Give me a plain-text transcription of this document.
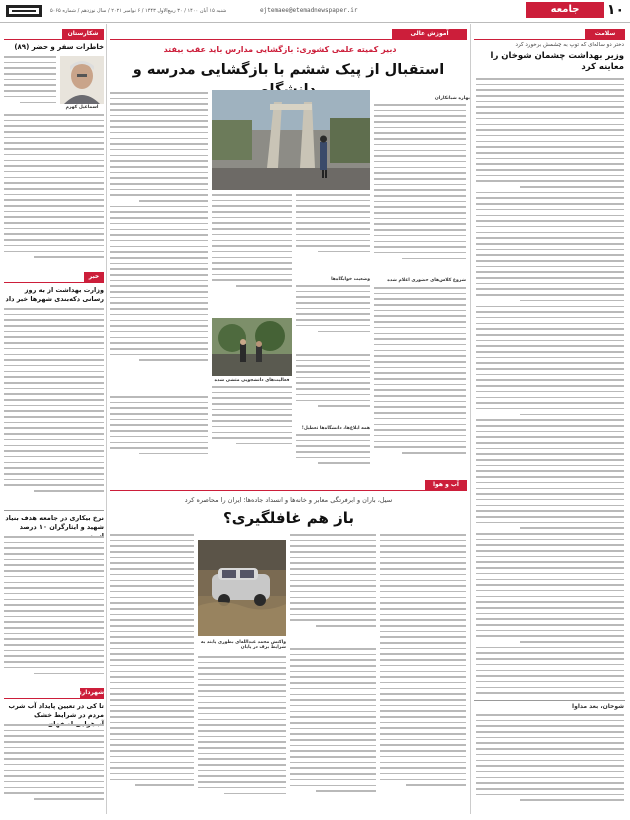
۱۰
جامعه
ejtemaee@etemadnewspaper.ir
شنبه ۱۵ آبان ۱۴۰۰ / ۳۰ ربیع‌الاول ۱۴۴۳ / ۶ نوامبر ۲۰۲۱ / سال نوزدهم / شماره ۵۰۶۵
سلامت
دختر دو ساله‌ای که توپ به چشمش برخورد کرد
وزیر بهداشت چشمان شوخان را معاینه کرد
شوخان، بعد مداوا
آموزش عالی
دبیر کمیته علمی کشوری: بازگشایی مدارس باید عقب بیفتد
استقبال از پیک ششم با بازگشایی مدرسه و
بهاره شبانکاران
وضعیت خوابگاه‌ها	شروع کلاس‌های حضوری اعلام شده
فعالیت‌های دانشجویی متشی شده
همه ابلاغ‌ها، دانشگاه‌ها تعطیل!
آب و هوا
سیل، باران و ابرفرتگی معابر و خانه‌ها و انسداد جاده‌ها؛ ایران را محاصره کرد
باز هم غافلگیری؟
واکنش محمد عبدالله‌ای بطوری پابند به شرایط برف در پایان
شکارستان
خاطرات سفر و حضر (۸۹)
اسماعیل کهرم
خبر
وزارت بهداشت از به روز رسانی دکه‌بندی شهرها خبر داد
نرخ بیکاری در جامعه هدف بنیاد شهید و ایثارگران ۱۰ درصد
شهرداری
تا کی در تعیین پایداد آب شرب مردم در شرایط خشک
